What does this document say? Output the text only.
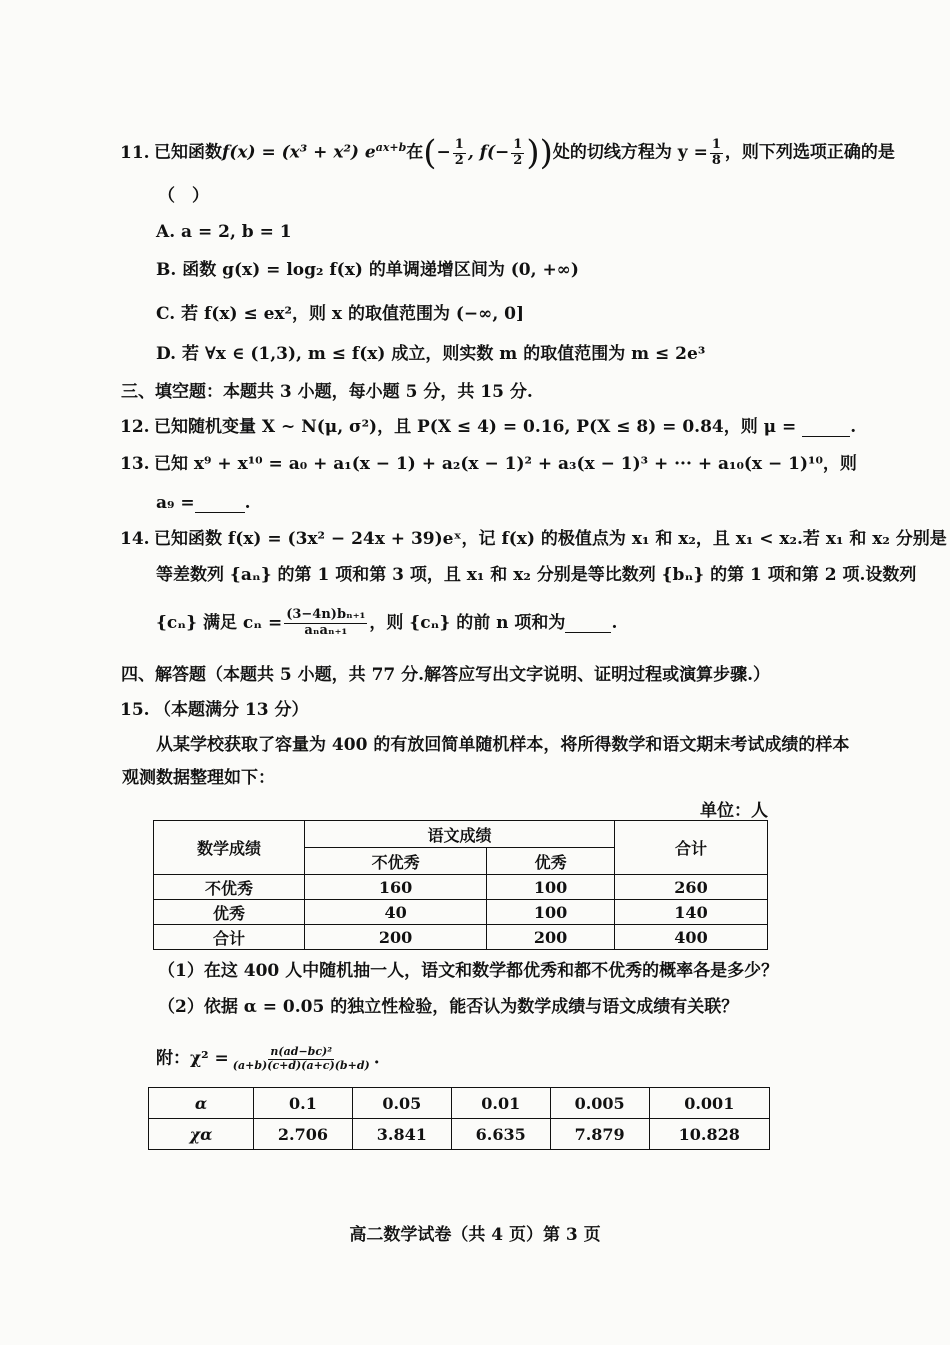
11. 已知函数f(x) = (x³ + x²) $e^{ax+b}$在(− $\frac{1}{2}$ , $f(- \frac{1}{2}$ ))处的切线方程为 $y = \frac{1}{8}$ ，则下列选项正确的是
（　）
A. a = 2, b = 1
B. 函数 g(x) = log₂ f(x) 的单调递增区间为 (0, +∞)
C. 若 f(x) ≤ ex²，则 x 的取值范围为 (−∞, 0]
D. 若 ∀x ∈ (1,3), m ≤ f(x) 成立，则实数 m 的取值范围为 m ≤ 2e³
三、填空题：本题共 3 小题，每小题 5 分，共 15 分.
12. 已知随机变量 X ~ N(μ, σ²)，且 P(X ≤ 4) = 0.16, P(X ≤ 8) = 0.84，则 μ =	.
13. 已知 x⁹ + x¹⁰ = a₀ + a₁(x − 1) + a₂(x − 1)² + a₃(x − 1)³ + ··· + a₁₀(x − 1)¹⁰，则
a₉ =	.
14. 已知函数 f(x) = (3x² − 24x + 39)eˣ，记 f(x) 的极值点为 x₁ 和 x₂，且 x₁ < x₂.若 x₁ 和 x₂ 分别是
等差数列 {aₙ} 的第 1 项和第 3 项，且 x₁ 和 x₂ 分别是等比数列 {bₙ} 的第 1 项和第 2 项.设数列
{cₙ} 满足 $c_n = \frac{\text{(3−4n)bₙ₊₁}}{\text{aₙaₙ₊₁}}$ ，则 {cₙ} 的前 n 项和为	.
四、解答题（本题共 5 小题，共 77 分.解答应写出文字说明、证明过程或演算步骤.）
15. （本题满分 13 分）
从某学校获取了容量为 400 的有放回简单随机样本，将所得数学和语文期末考试成绩的样本
观测数据整理如下：
单位：人
数学成绩	语文成绩		合计
	不优秀	优秀	
不优秀	160	100	260
优秀	40	100	140
合计	200	200	400
（1）在这 400 人中随机抽一人，语文和数学都优秀和都不优秀的概率各是多少？
（2）依据 α = 0.05 的独立性检验，能否认为数学成绩与语文成绩有关联？
附：$\chi^2 = \frac{\text{n(ad−bc)²}}{(a+b)(c+d)(a+c)(b+d)}$ .
α	0.1	0.05	0.01	0.005	0.001
χα	2.706	3.841	6.635	7.879	10.828
高二数学试卷（共 4 页）第 3 页
